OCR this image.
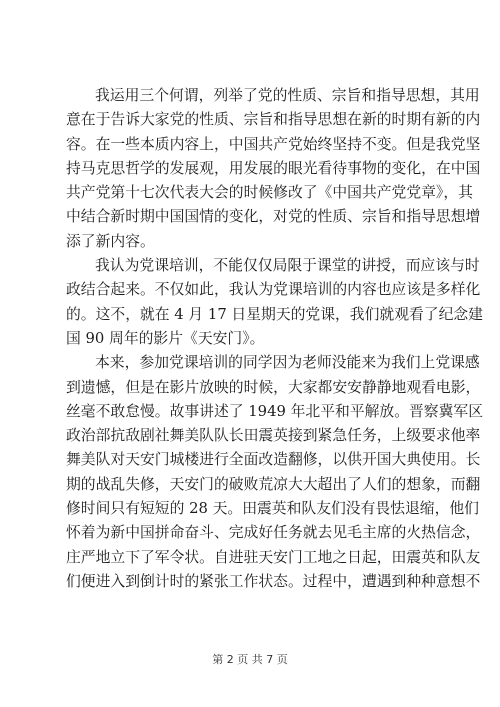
我运用三个何谓，列举了党的性质、宗旨和指导思想，其用
意在于告诉大家党的性质、宗旨和指导思想在新的时期有新的内
容。在一些本质内容上，中国共产党始终坚持不变。但是我党坚
持马克思哲学的发展观，用发展的眼光看待事物的变化，在中国
共产党第十七次代表大会的时候修改了《中国共产党党章》，其
中结合新时期中国国情的变化，对党的性质、宗旨和指导思想增
添了新内容。
我认为党课培训，不能仅仅局限于课堂的讲授，而应该与时
政结合起来。不仅如此，我认为党课培训的内容也应该是多样化
的。这不，就在 4 月 17 日星期天的党课，我们就观看了纪念建
国 90 周年的影片《天安门》。
本来，参加党课培训的同学因为老师没能来为我们上党课感
到遗憾，但是在影片放映的时候，大家都安安静静地观看电影，
丝毫不敢怠慢。故事讲述了 1949 年北平和平解放。晋察冀军区
政治部抗敌剧社舞美队队长田震英接到紧急任务，上级要求他率
舞美队对天安门城楼进行全面改造翻修，以供开国大典使用。长
期的战乱失修，天安门的破败荒凉大大超出了人们的想象，而翻
修时间只有短短的 28 天。田震英和队友们没有畏怯退缩，他们
怀着为新中国拼命奋斗、完成好任务就去见毛主席的火热信念，
庄严地立下了军令状。自进驻天安门工地之日起，田震英和队友
们便进入到倒计时的紧张工作状态。过程中，遭遇到种种意想不
第 2 页 共 7 页
